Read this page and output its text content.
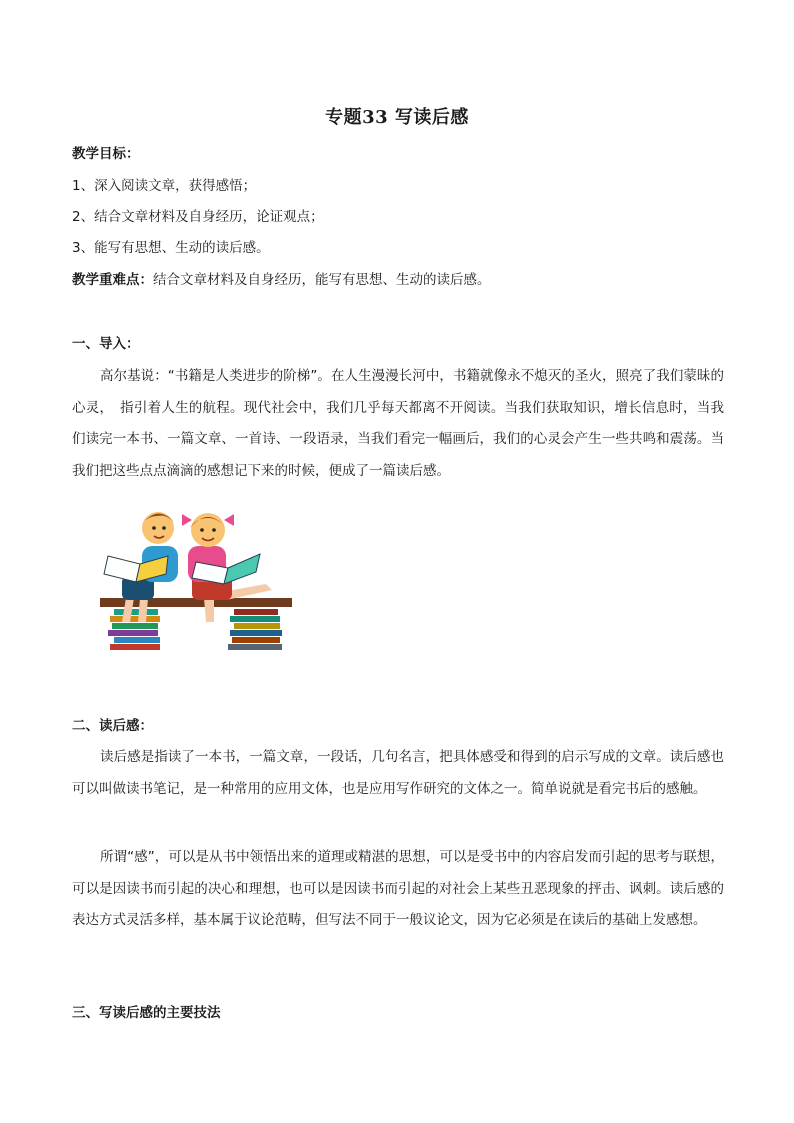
专题33 写读后感
教学目标：
1、深入阅读文章，获得感悟；
2、结合文章材料及自身经历，论证观点；
3、能写有思想、生动的读后感。
教学重难点：结合文章材料及自身经历，能写有思想、生动的读后感。
一、导入：
高尔基说：“书籍是人类进步的阶梯”。在人生漫漫长河中，书籍就像永不熄灭的圣火，照亮了我们蒙昧的心灵，　指引着人生的航程。现代社会中，我们几乎每天都离不开阅读。当我们获取知识，增长信息时，当我们读完一本书、一篇文章、一首诗、一段语录，当我们看完一幅画后，我们的心灵会产生一些共鸣和震荡。当我们把这些点点滴滴的感想记下来的时候，便成了一篇读后感。
二、读后感：
读后感是指读了一本书，一篇文章，一段话，几句名言，把具体感受和得到的启示写成的文章。读后感也可以叫做读书笔记，是一种常用的应用文体，也是应用写作研究的文体之一。简单说就是看完书后的感触。
所谓“感”，可以是从书中领悟出来的道理或精湛的思想，可以是受书中的内容启发而引起的思考与联想，可以是因读书而引起的决心和理想，也可以是因读书而引起的对社会上某些丑恶现象的抨击、讽刺。读后感的表达方式灵活多样，基本属于议论范畴，但写法不同于一般议论文，因为它必须是在读后的基础上发感想。
三、写读后感的主要技法
